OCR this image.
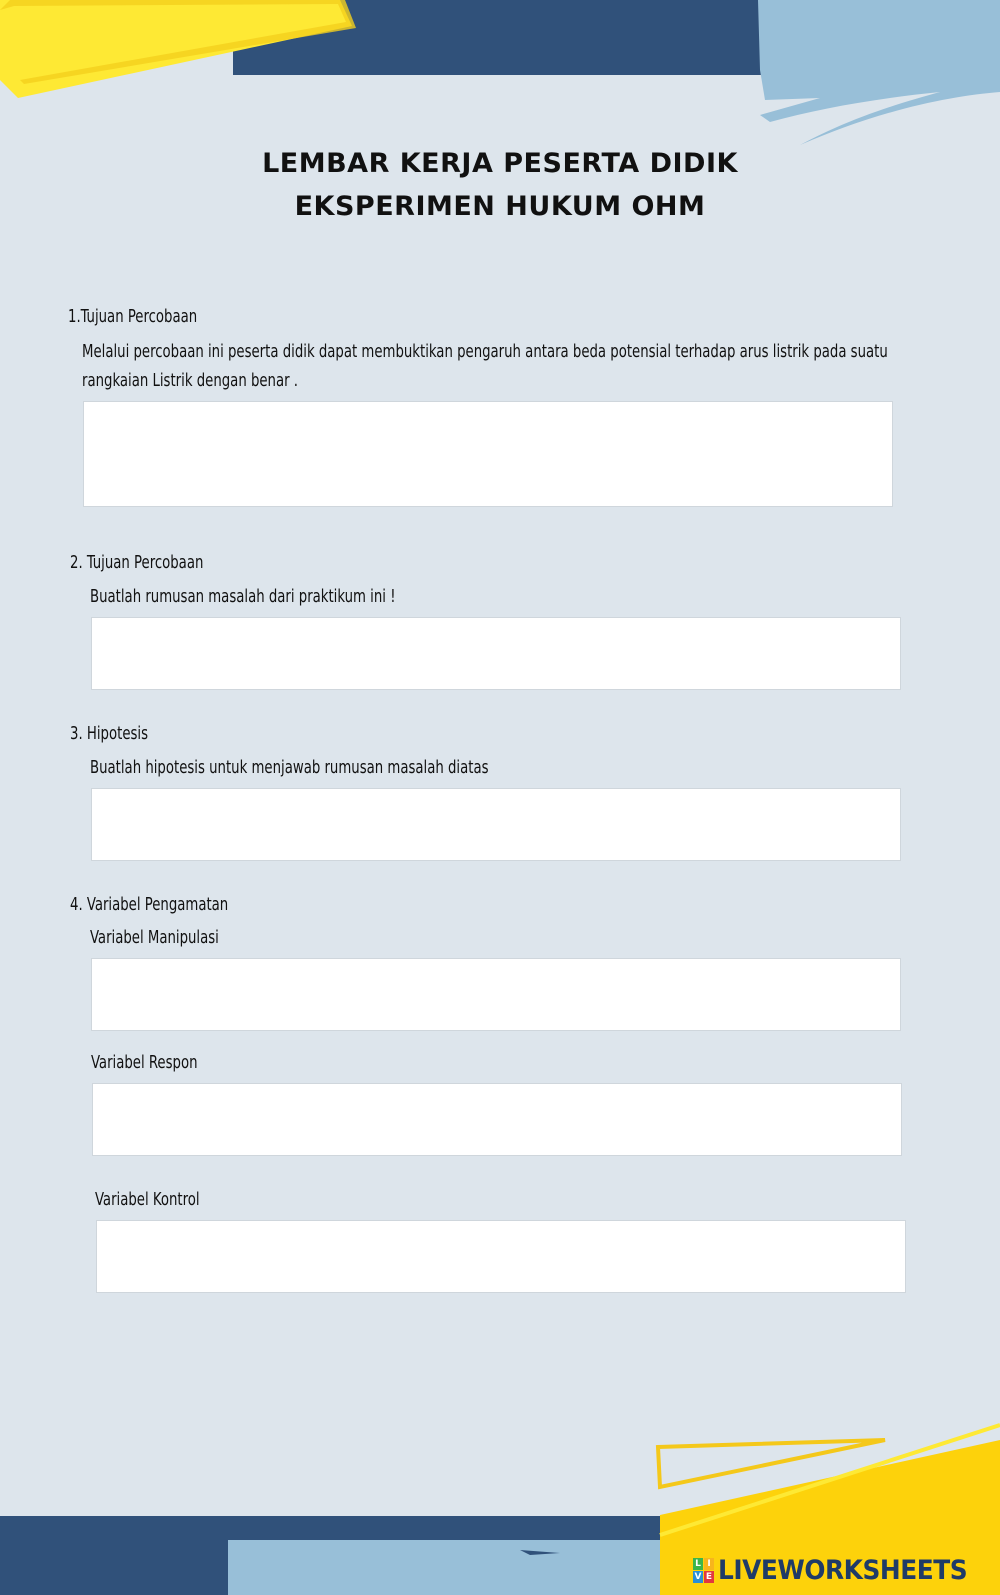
LEMBAR KERJA PESERTA DIDIK
EKSPERIMEN HUKUM OHM
1.Tujuan Percobaan
Melalui percobaan ini peserta didik dapat membuktikan pengaruh antara beda potensial terhadap arus listrik pada suatu
rangkaian Listrik dengan benar .
2. Tujuan Percobaan
Buatlah rumusan masalah dari praktikum ini !
3. Hipotesis
Buatlah hipotesis untuk menjawab rumusan masalah diatas
4. Variabel Pengamatan
Variabel Manipulasi
Variabel Respon
Variabel Kontrol
L I
V E LIVEWORKSHEETS
